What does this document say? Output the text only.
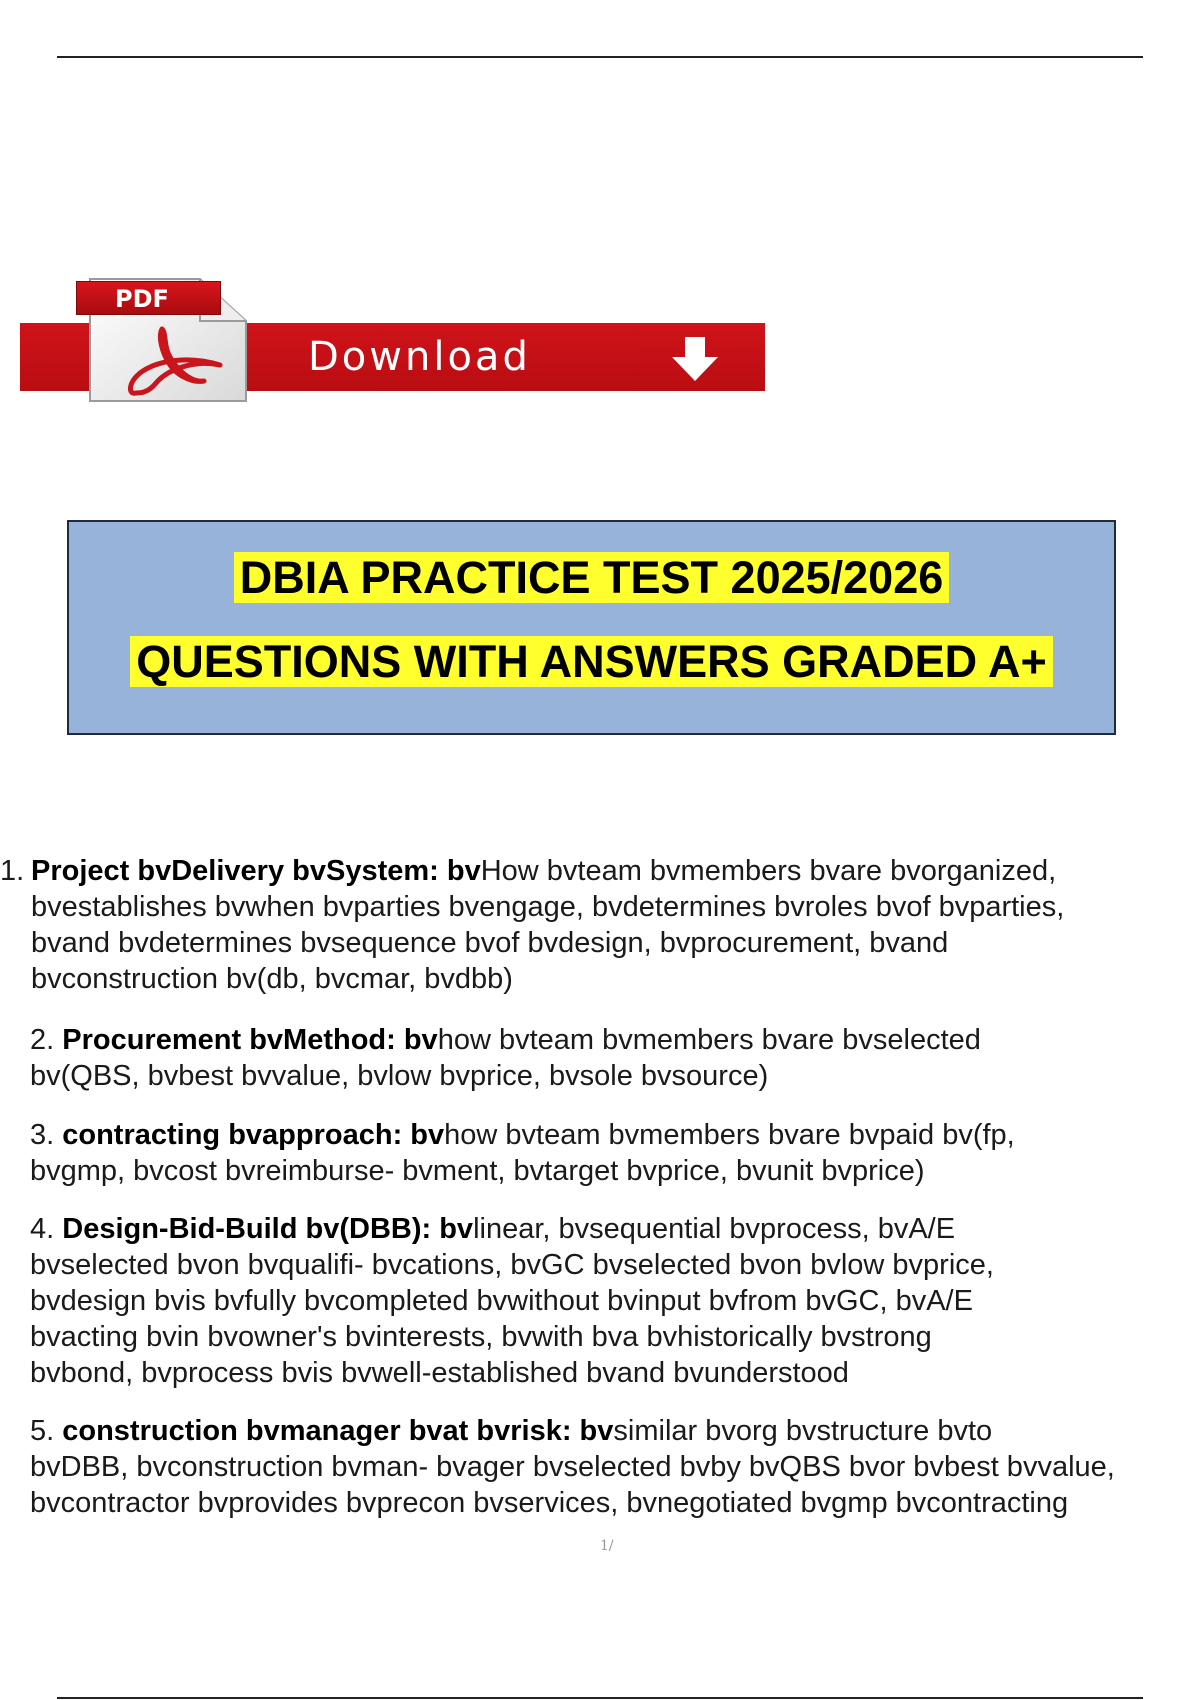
Download
PDF
DBIA PRACTICE TEST 2025/2026
QUESTIONS WITH ANSWERS GRADED A+
1. Project bvDelivery bvSystem: bvHow bvteam bvmembers bvare bvorganized,
bvestablishes bvwhen bvparties bvengage, bvdetermines bvroles bvof bvparties,
bvand bvdetermines bvsequence bvof bvdesign, bvprocurement, bvand
bvconstruction bv(db, bvcmar, bvdbb)
2. Procurement bvMethod: bvhow bvteam bvmembers bvare bvselected
bv(QBS, bvbest bvvalue, bvlow bvprice, bvsole bvsource)
3. contracting bvapproach: bvhow bvteam bvmembers bvare bvpaid bv(fp,
bvgmp, bvcost bvreimburse- bvment, bvtarget bvprice, bvunit bvprice)
4. Design-Bid-Build bv(DBB): bvlinear, bvsequential bvprocess, bvA/E
bvselected bvon bvqualifi- bvcations, bvGC bvselected bvon bvlow bvprice,
bvdesign bvis bvfully bvcompleted bvwithout bvinput bvfrom bvGC, bvA/E
bvacting bvin bvowner's bvinterests, bvwith bva bvhistorically bvstrong
bvbond, bvprocess bvis bvwell-established bvand bvunderstood
5. construction bvmanager bvat bvrisk: bvsimilar bvorg bvstructure bvto
bvDBB, bvconstruction bvman- bvager bvselected bvby bvQBS bvor bvbest bvvalue,
bvcontractor bvprovides bvprecon bvservices, bvnegotiated bvgmp bvcontracting
1/
